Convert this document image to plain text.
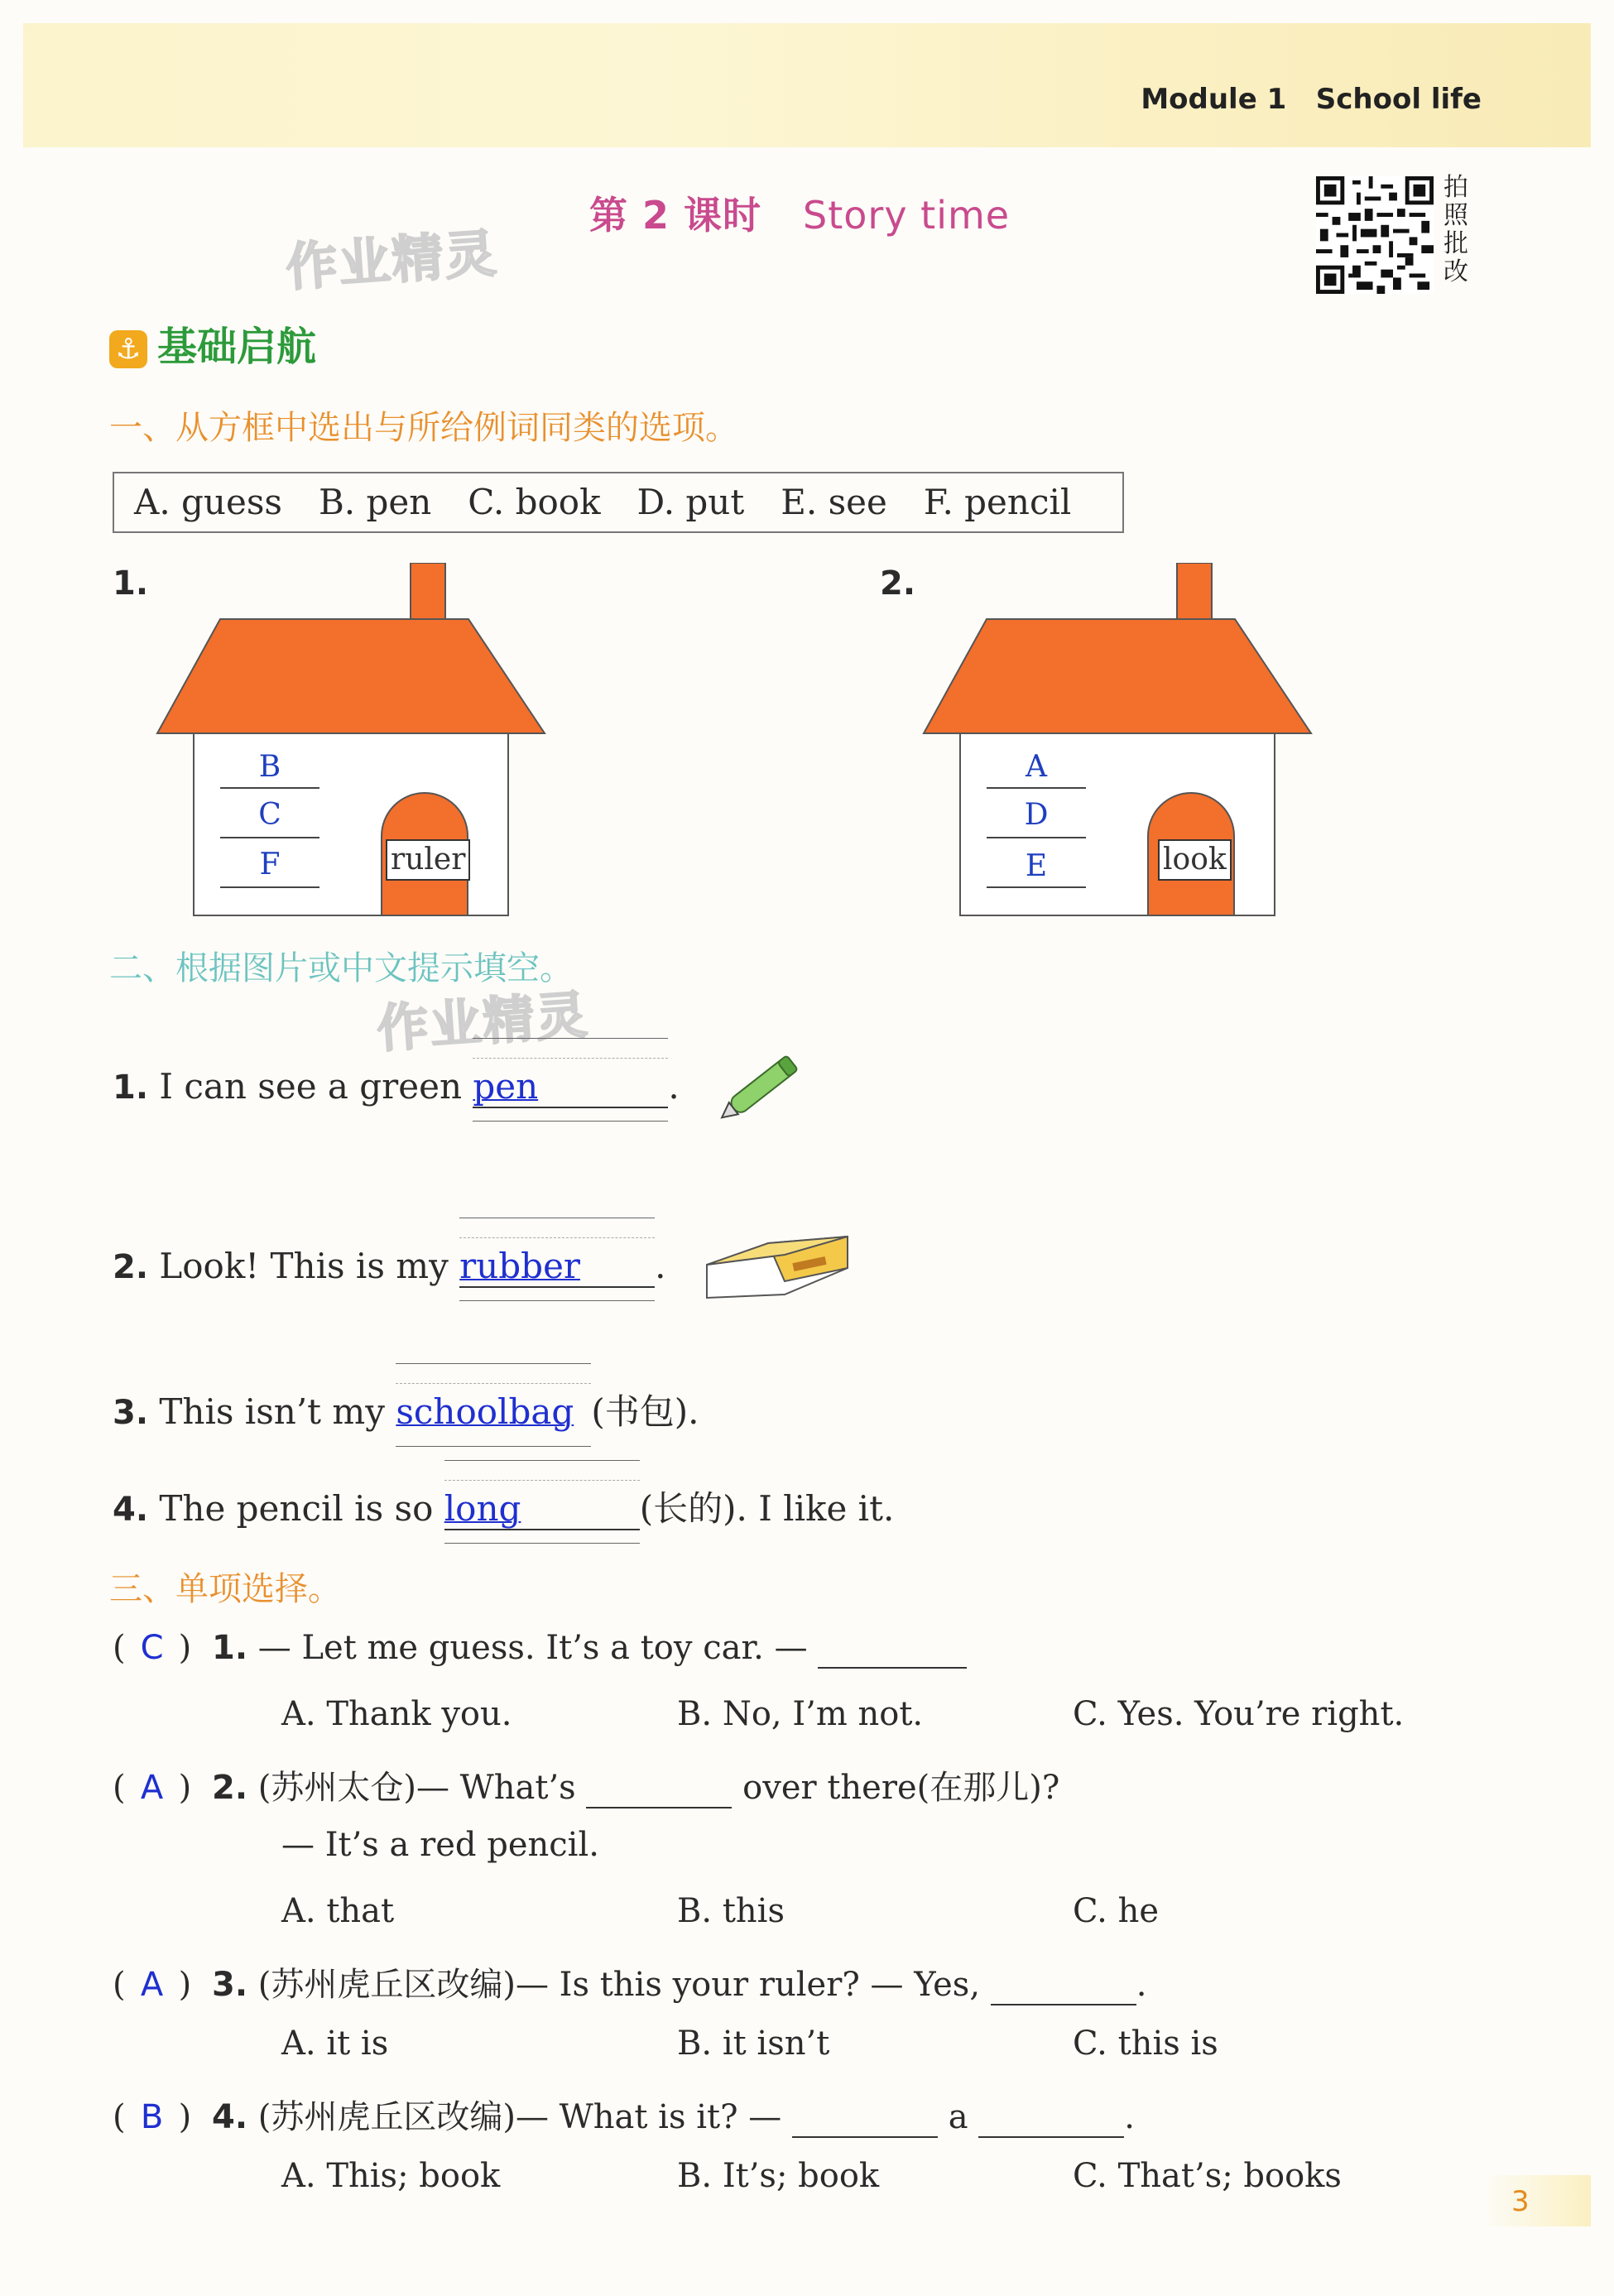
Module 1 School life
第 2 课时 Story time
作业精灵
作业精灵
拍照批改
⚓ 基础启航
一、从方框中选出与所给例词同类的选项。
A. guess B. pen C. book D. put E. see F. pencil
1.	2.
B
C
F	ruler
A
D
E	look
二、根据图片或中文提示填空。
1. I can see a green
pen	.
2. Look! This is my
rubber .
3. This isn’t my
schoolbag (书包).
4. The pencil is so
long	(长的). I like it.
三、单项选择。
( C ) 1. — Let me guess. It’s a toy car. —
A. Thank you.	B. No, I’m not.	C. Yes. You’re right.
( A ) 2. (苏州太仓)— What’s	over there(在那儿)?
— It’s a red pencil.
A. that	B. this	C. he
( A ) 3. (苏州虎丘区改编)— Is this your ruler? — Yes,	.
A. it is	B. it isn’t	C. this is
( B ) 4. (苏州虎丘区改编)— What is it? —	a	.
A. This; book	B. It’s; book	C. That’s; books
3
